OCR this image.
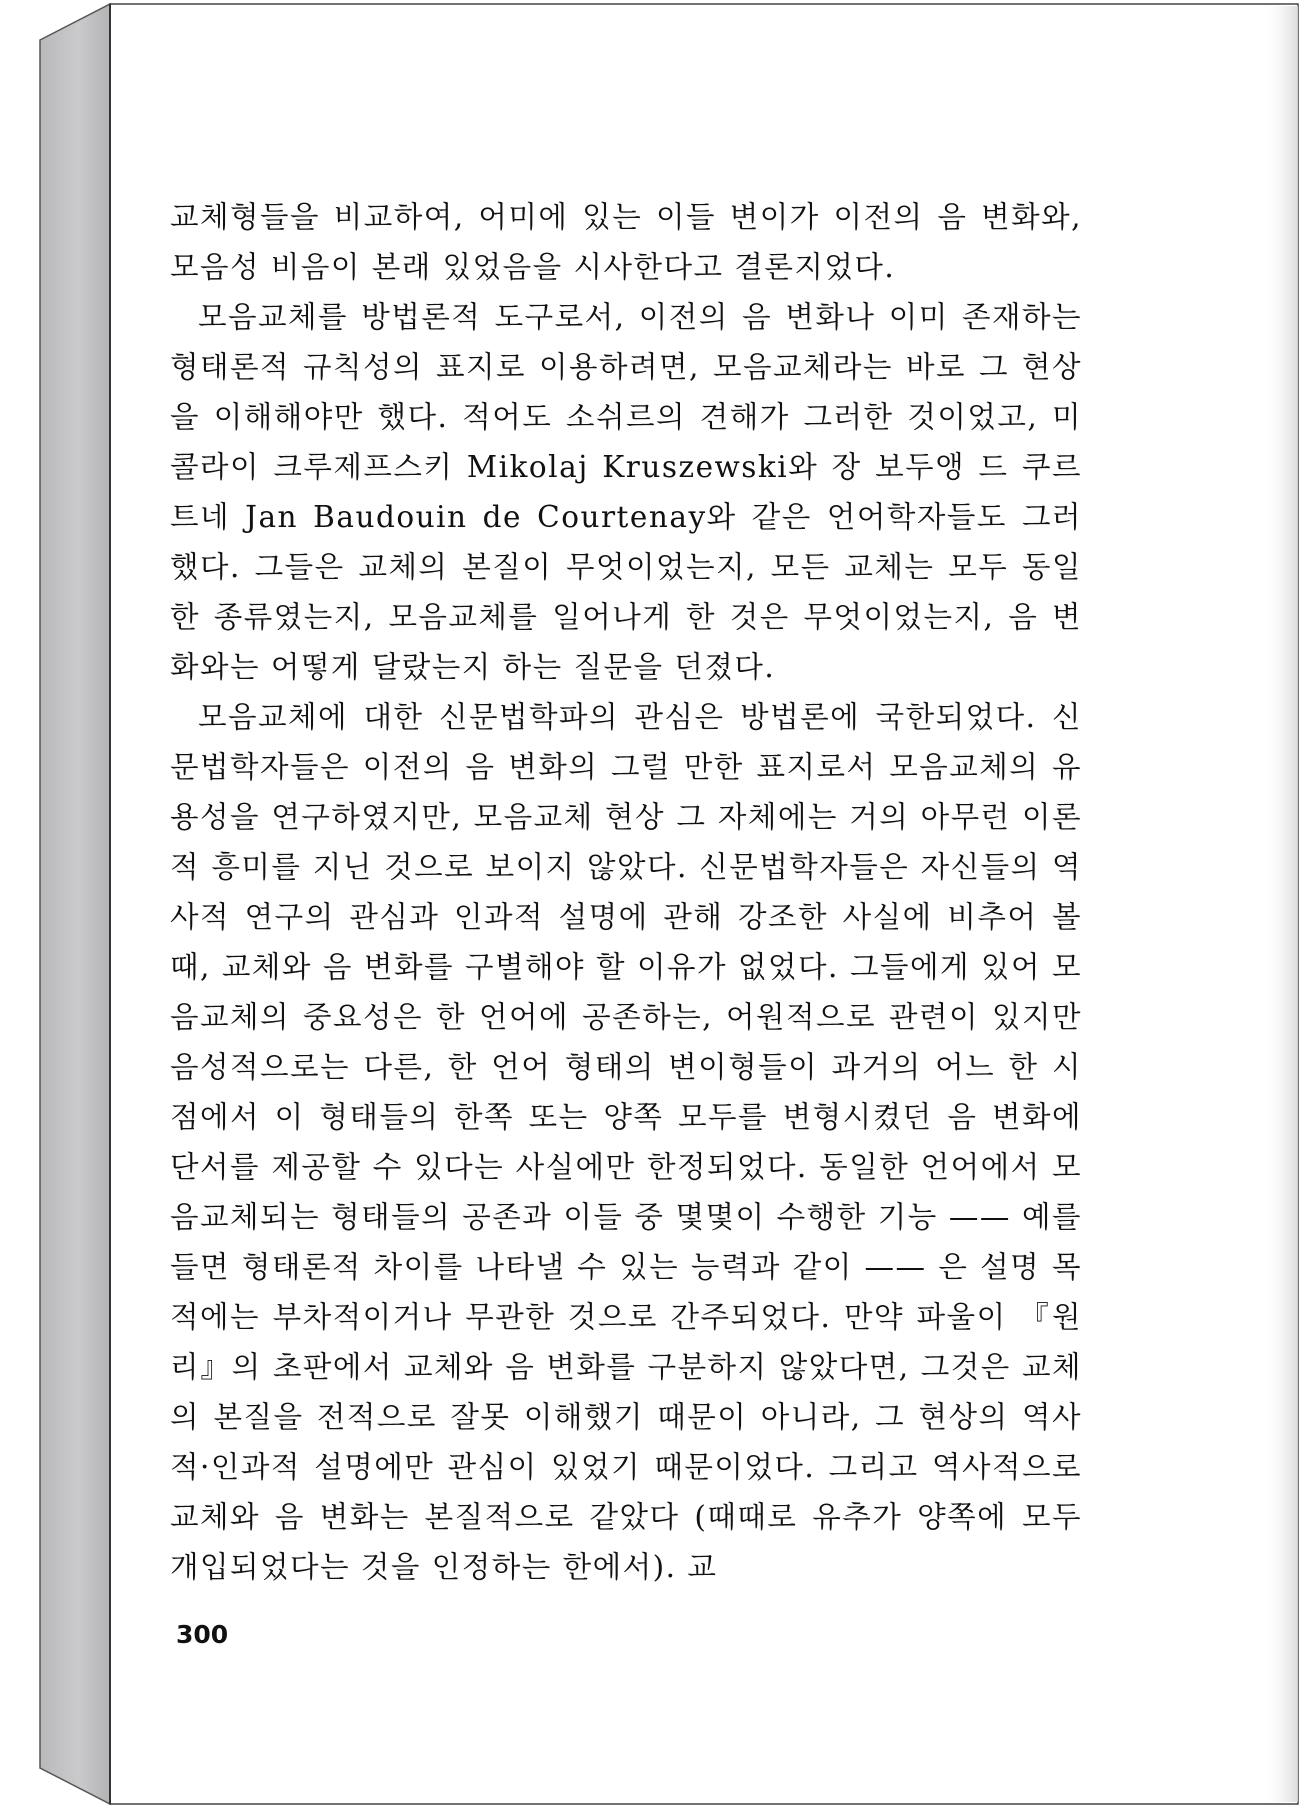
교체형들을 비교하여, 어미에 있는 이들 변이가 이전의 음 변화와, 모음성 비음이 본래 있었음을 시사한다고 결론지었다.

모음교체를 방법론적 도구로서, 이전의 음 변화나 이미 존재하는 형태론적 규칙성의 표지로 이용하려면, 모음교체라는 바로 그 현상을 이해해야만 했다. 적어도 소쉬르의 견해가 그러한 것이었고, 미콜라이 크루제프스키 Mikolaj Kruszewski와 장 보두앵 드 쿠르트네 Jan Baudouin de Courtenay와 같은 언어학자들도 그러했다. 그들은 교체의 본질이 무엇이었는지, 모든 교체는 모두 동일한 종류였는지, 모음교체를 일어나게 한 것은 무엇이었는지, 음 변화와는 어떻게 달랐는지 하는 질문을 던졌다.

모음교체에 대한 신문법학파의 관심은 방법론에 국한되었다. 신문법학자들은 이전의 음 변화의 그럴 만한 표지로서 모음교체의 유용성을 연구하였지만, 모음교체 현상 그 자체에는 거의 아무런 이론적 흥미를 지닌 것으로 보이지 않았다. 신문법학자들은 자신들의 역사적 연구의 관심과 인과적 설명에 관해 강조한 사실에 비추어 볼 때, 교체와 음 변화를 구별해야 할 이유가 없었다. 그들에게 있어 모음교체의 중요성은 한 언어에 공존하는, 어원적으로 관련이 있지만 음성적으로는 다른, 한 언어 형태의 변이형들이 과거의 어느 한 시점에서 이 형태들의 한쪽 또는 양쪽 모두를 변형시켰던 음 변화에 단서를 제공할 수 있다는 사실에만 한정되었다. 동일한 언어에서 모음교체되는 형태들의 공존과 이들 중 몇몇이 수행한 기능 —— 예를 들면 형태론적 차이를 나타낼 수 있는 능력과 같이 —— 은 설명 목적에는 부차적이거나 무관한 것으로 간주되었다. 만약 파울이 『원리』의 초판에서 교체와 음 변화를 구분하지 않았다면, 그것은 교체의 본질을 전적으로 잘못 이해했기 때문이 아니라, 그 현상의 역사적·인과적 설명에만 관심이 있었기 때문이었다. 그리고 역사적으로 교체와 음 변화는 본질적으로 같았다 (때때로 유추가 양쪽에 모두 개입되었다는 것을 인정하는 한에서). 교

300
